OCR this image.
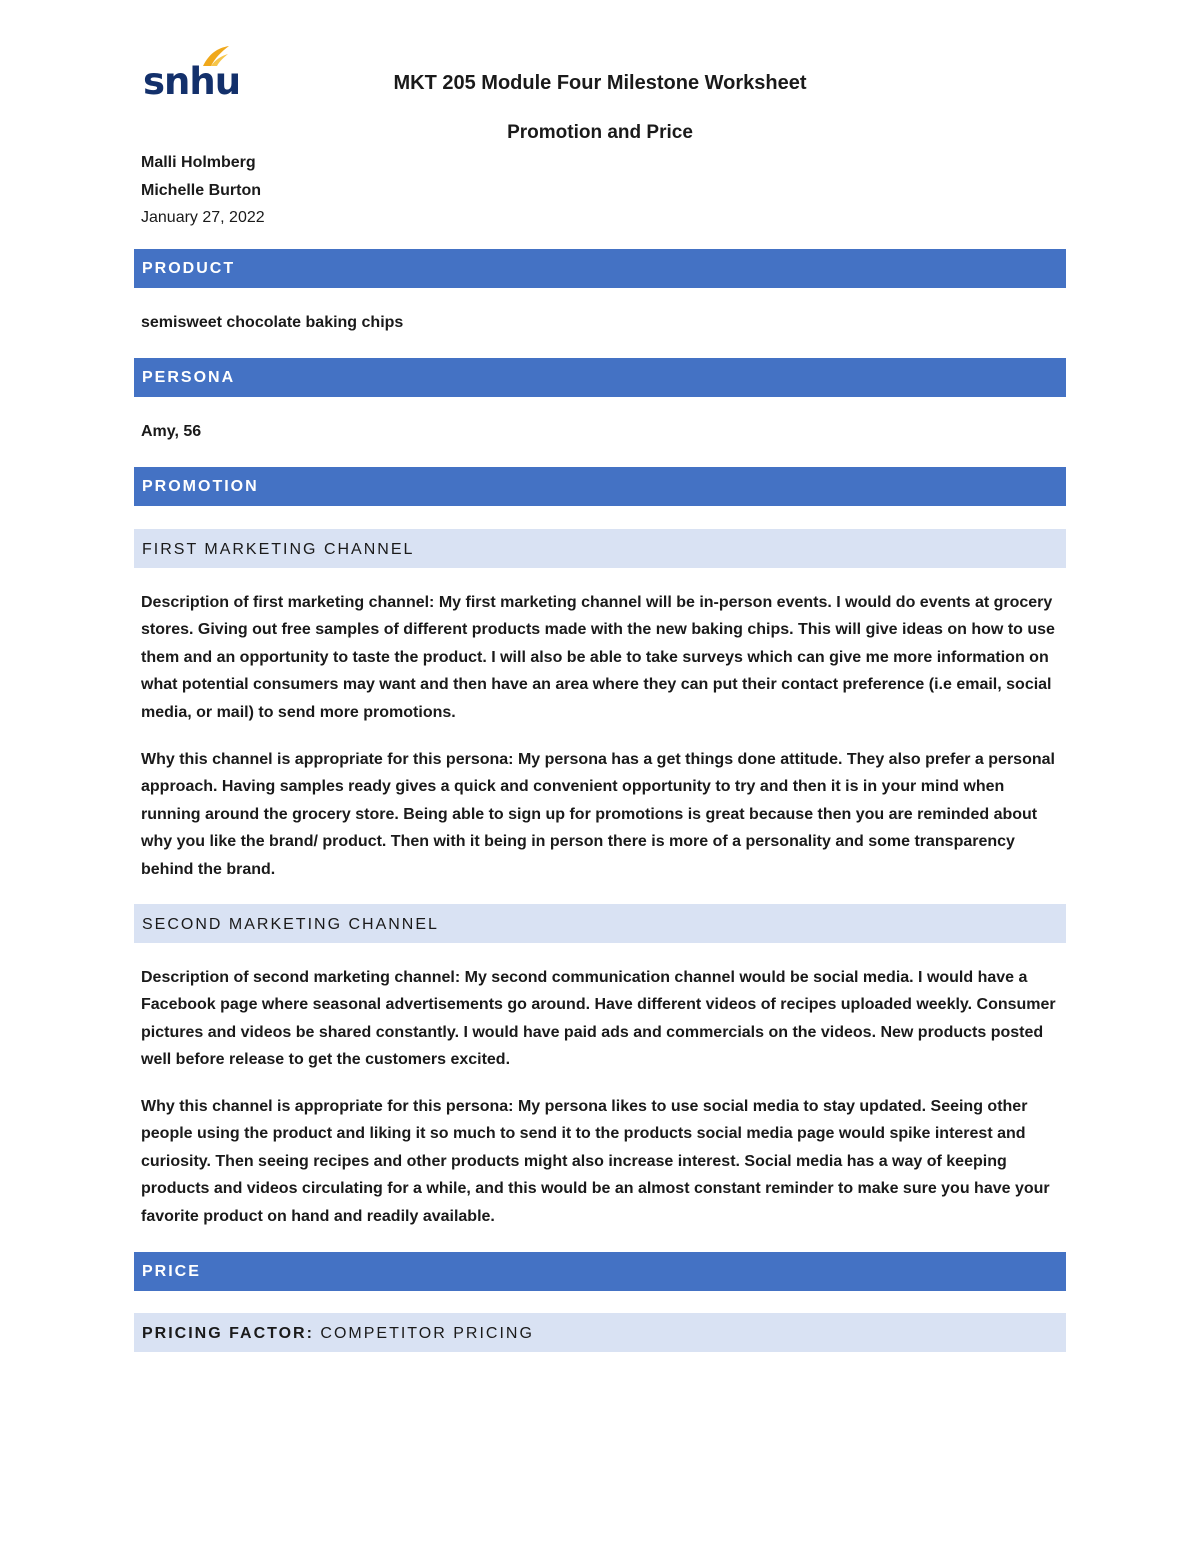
snhu	MKT 205 Module Four Milestone Worksheet
Promotion and Price
Malli Holmberg
Michelle Burton
January 27, 2022
PRODUCT
semisweet chocolate baking chips
PERSONA
Amy, 56
PROMOTION
FIRST MARKETING CHANNEL

Description of first marketing channel: My first marketing channel will be in-person events. I would do events at grocery stores. Giving out free samples of different products made with the new baking chips. This will give ideas on how to use them and an opportunity to taste the product. I will also be able to take surveys which can give me more information on what potential consumers may want and then have an area where they can put their contact preference (i.e email, social media, or mail) to send more promotions.

Why this channel is appropriate for this persona: My persona has a get things done attitude. They also prefer a personal approach. Having samples ready gives a quick and convenient opportunity to try and then it is in your mind when running around the grocery store. Being able to sign up for promotions is great because then you are reminded about why you like the brand/ product. Then with it being in person there is more of a personality and some transparency behind the brand.

SECOND MARKETING CHANNEL

Description of second marketing channel: My second communication channel would be social media. I would have a Facebook page where seasonal advertisements go around. Have different videos of recipes uploaded weekly. Consumer pictures and videos be shared constantly. I would have paid ads and commercials on the videos. New products posted well before release to get the customers excited.

Why this channel is appropriate for this persona: My persona likes to use social media to stay updated. Seeing other people using the product and liking it so much to send it to the products social media page would spike interest and curiosity. Then seeing recipes and other products might also increase interest. Social media has a way of keeping products and videos circulating for a while, and this would be an almost constant reminder to make sure you have your favorite product on hand and readily available.

PRICE
PRICING FACTOR: COMPETITOR PRICING
